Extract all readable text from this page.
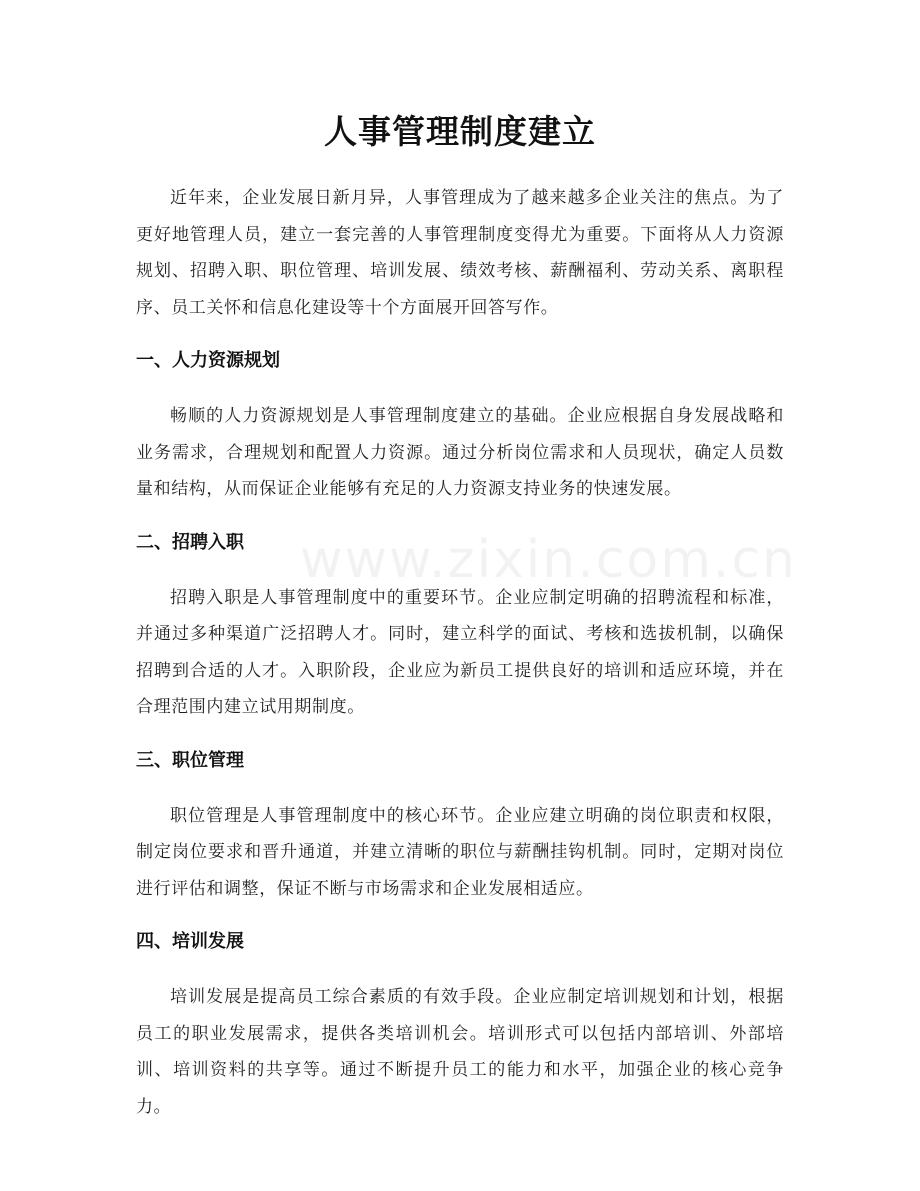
人事管理制度建立
www.zixin.com.cn

近年来，企业发展日新月异，人事管理成为了越来越多企业关注的焦点。为了更好地管理人员，建立一套完善的人事管理制度变得尤为重要。下面将从人力资源规划、招聘入职、职位管理、培训发展、绩效考核、薪酬福利、劳动关系、离职程序、员工关怀和信息化建设等十个方面展开回答写作。

一、人力资源规划

畅顺的人力资源规划是人事管理制度建立的基础。企业应根据自身发展战略和业务需求，合理规划和配置人力资源。通过分析岗位需求和人员现状，确定人员数量和结构，从而保证企业能够有充足的人力资源支持业务的快速发展。

二、招聘入职

招聘入职是人事管理制度中的重要环节。企业应制定明确的招聘流程和标准，并通过多种渠道广泛招聘人才。同时，建立科学的面试、考核和选拔机制，以确保招聘到合适的人才。入职阶段，企业应为新员工提供良好的培训和适应环境，并在合理范围内建立试用期制度。

三、职位管理

职位管理是人事管理制度中的核心环节。企业应建立明确的岗位职责和权限，制定岗位要求和晋升通道，并建立清晰的职位与薪酬挂钩机制。同时，定期对岗位进行评估和调整，保证不断与市场需求和企业发展相适应。

四、培训发展

培训发展是提高员工综合素质的有效手段。企业应制定培训规划和计划，根据员工的职业发展需求，提供各类培训机会。培训形式可以包括内部培训、外部培训、培训资料的共享等。通过不断提升员工的能力和水平，加强企业的核心竞争力。
